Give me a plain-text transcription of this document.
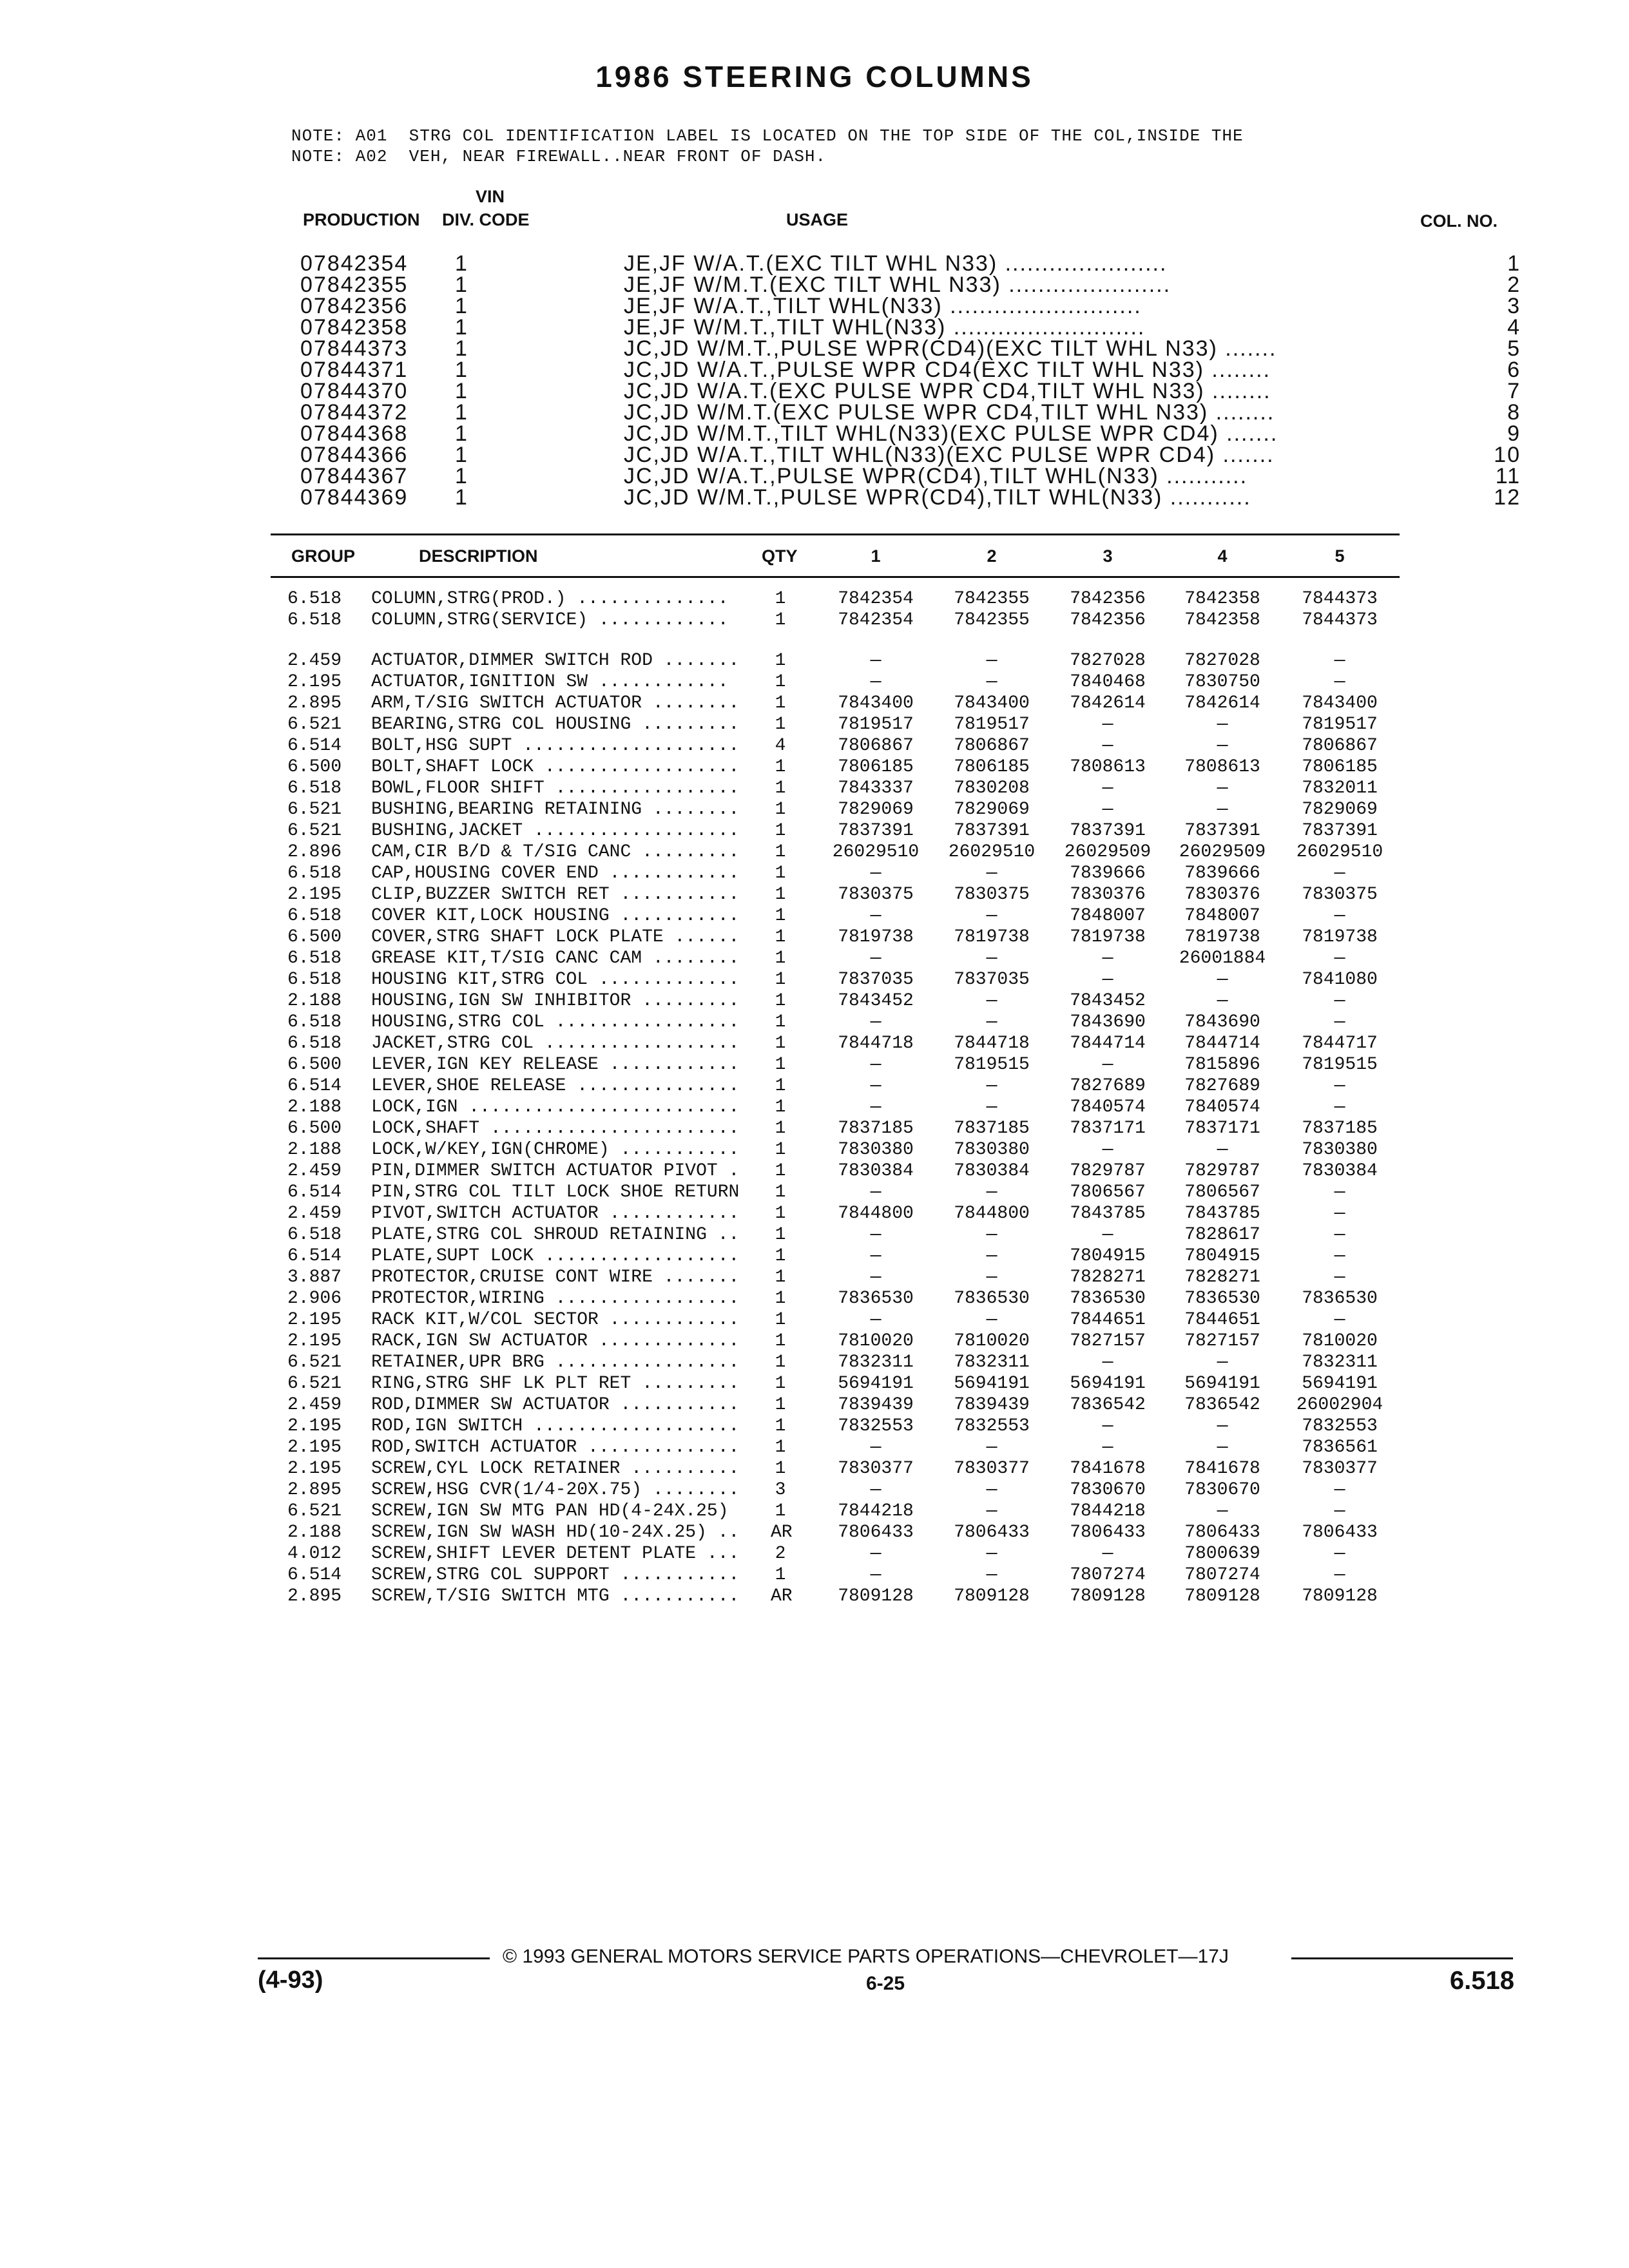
1986 STEERING COLUMNS
NOTE: A01  STRG COL IDENTIFICATION LABEL IS LOCATED ON THE TOP SIDE OF THE COL,INSIDE THE
NOTE: A02  VEH, NEAR FIREWALL..NEAR FRONT OF DASH.
VIN
PRODUCTION DIV. CODE	USAGE	COL. NO.
07842354 1	JE,JF W/A.T.(EXC TILT WHL N33) ......................	1
07842355 1	JE,JF W/M.T.(EXC TILT WHL N33) ......................	2
07842356 1	JE,JF W/A.T.,TILT WHL(N33) ..........................	3
07842358 1	JE,JF W/M.T.,TILT WHL(N33) ..........................	4
07844373 1	JC,JD W/M.T.,PULSE WPR(CD4)(EXC TILT WHL N33) .......	5
07844371 1	JC,JD W/A.T.,PULSE WPR CD4(EXC TILT WHL N33) ........	6
07844370 1	JC,JD W/A.T.(EXC PULSE WPR CD4,TILT WHL N33) ........	7
07844372 1	JC,JD W/M.T.(EXC PULSE WPR CD4,TILT WHL N33) ........	8
07844368 1	JC,JD W/M.T.,TILT WHL(N33)(EXC PULSE WPR CD4) .......	9
07844366 1	JC,JD W/A.T.,TILT WHL(N33)(EXC PULSE WPR CD4) .......	10
07844367 1	JC,JD W/A.T.,PULSE WPR(CD4),TILT WHL(N33) ...........	11
07844369 1	JC,JD W/M.T.,PULSE WPR(CD4),TILT WHL(N33) ...........	12
GROUP	DESCRIPTION	QTY	1	2	3	4	5
6.518 COLUMN,STRG(PROD.) ..............	1	7842354	7842355	7842356	7842358	7844373
6.518 COLUMN,STRG(SERVICE) ............	1	7842354	7842355	7842356	7842358	7844373
2.459 ACTUATOR,DIMMER SWITCH ROD ....... 1	—	—	7827028	7827028	—
2.195 ACTUATOR,IGNITION SW ............	1	—	—	7840468	7830750	—
2.895 ARM,T/SIG SWITCH ACTUATOR ........ 1	7843400	7843400	7842614	7842614	7843400
6.521 BEARING,STRG COL HOUSING ......... 1	7819517	7819517	—	—	7819517
6.514 BOLT,HSG SUPT .................... 4	7806867	7806867	—	—	7806867
6.500 BOLT,SHAFT LOCK .................. 1	7806185	7806185	7808613	7808613	7806185
6.518 BOWL,FLOOR SHIFT ................. 1	7843337	7830208	—	—	7832011
6.521 BUSHING,BEARING RETAINING ........ 1	7829069	7829069	—	—	7829069
6.521 BUSHING,JACKET ................... 1	7837391	7837391	7837391	7837391	7837391
2.896 CAM,CIR B/D & T/SIG CANC ......... 1	26029510	26029510	26029509	26029509	26029510
6.518 CAP,HOUSING COVER END ............ 1	—	—	7839666	7839666	—
2.195 CLIP,BUZZER SWITCH RET ........... 1	7830375	7830375	7830376	7830376	7830375
6.518 COVER KIT,LOCK HOUSING ........... 1	—	—	7848007	7848007	—
6.500 COVER,STRG SHAFT LOCK PLATE ...... 1	7819738	7819738	7819738	7819738	7819738
6.518 GREASE KIT,T/SIG CANC CAM ........ 1	—	—	—	26001884	—
6.518 HOUSING KIT,STRG COL ............. 1	7837035	7837035	—	—	7841080
2.188 HOUSING,IGN SW INHIBITOR ......... 1	7843452	—	7843452	—	—
6.518 HOUSING,STRG COL ................. 1	—	—	7843690	7843690	—
6.518 JACKET,STRG COL .................. 1	7844718	7844718	7844714	7844714	7844717
6.500 LEVER,IGN KEY RELEASE ............ 1	—	7819515	—	7815896	7819515
6.514 LEVER,SHOE RELEASE ............... 1	—	—	7827689	7827689	—
2.188 LOCK,IGN ......................... 1	—	—	7840574	7840574	—
6.500 LOCK,SHAFT ....................... 1	7837185	7837185	7837171	7837171	7837185
2.188 LOCK,W/KEY,IGN(CHROME) ........... 1	7830380	7830380	—	—	7830380
2.459 PIN,DIMMER SWITCH ACTUATOR PIVOT . 1	7830384	7830384	7829787	7829787	7830384
6.514 PIN,STRG COL TILT LOCK SHOE RETURN 1	—	—	7806567	7806567	—
2.459 PIVOT,SWITCH ACTUATOR ............ 1	7844800	7844800	7843785	7843785	—
6.518 PLATE,STRG COL SHROUD RETAINING .. 1	—	—	—	7828617	—
6.514 PLATE,SUPT LOCK .................. 1	—	—	7804915	7804915	—
3.887 PROTECTOR,CRUISE CONT WIRE ....... 1	—	—	7828271	7828271	—
2.906 PROTECTOR,WIRING ................. 1	7836530	7836530	7836530	7836530	7836530
2.195 RACK KIT,W/COL SECTOR ............ 1	—	—	7844651	7844651	—
2.195 RACK,IGN SW ACTUATOR ............. 1	7810020	7810020	7827157	7827157	7810020
6.521 RETAINER,UPR BRG ................. 1	7832311	7832311	—	—	7832311
6.521 RING,STRG SHF LK PLT RET ......... 1	5694191	5694191	5694191	5694191	5694191
2.459 ROD,DIMMER SW ACTUATOR ........... 1	7839439	7839439	7836542	7836542	26002904
2.195 ROD,IGN SWITCH ................... 1	7832553	7832553	—	—	7832553
2.195 ROD,SWITCH ACTUATOR .............. 1	—	—	—	—	7836561
2.195 SCREW,CYL LOCK RETAINER .......... 1	7830377	7830377	7841678	7841678	7830377
2.895 SCREW,HSG CVR(1/4-20X.75) ........ 3	—	—	7830670	7830670	—
6.521 SCREW,IGN SW MTG PAN HD(4-24X.25) 1	7844218	—	7844218	—	—
2.188 SCREW,IGN SW WASH HD(10-24X.25) .. AR	7806433	7806433	7806433	7806433	7806433
4.012 SCREW,SHIFT LEVER DETENT PLATE ... 2	—	—	—	7800639	—
6.514 SCREW,STRG COL SUPPORT ........... 1	—	—	7807274	7807274	—
2.895 SCREW,T/SIG SWITCH MTG ........... AR	7809128	7809128	7809128	7809128	7809128
© 1993 GENERAL MOTORS SERVICE PARTS OPERATIONS—CHEVROLET—17J
(4-93)	6-25	6.518
